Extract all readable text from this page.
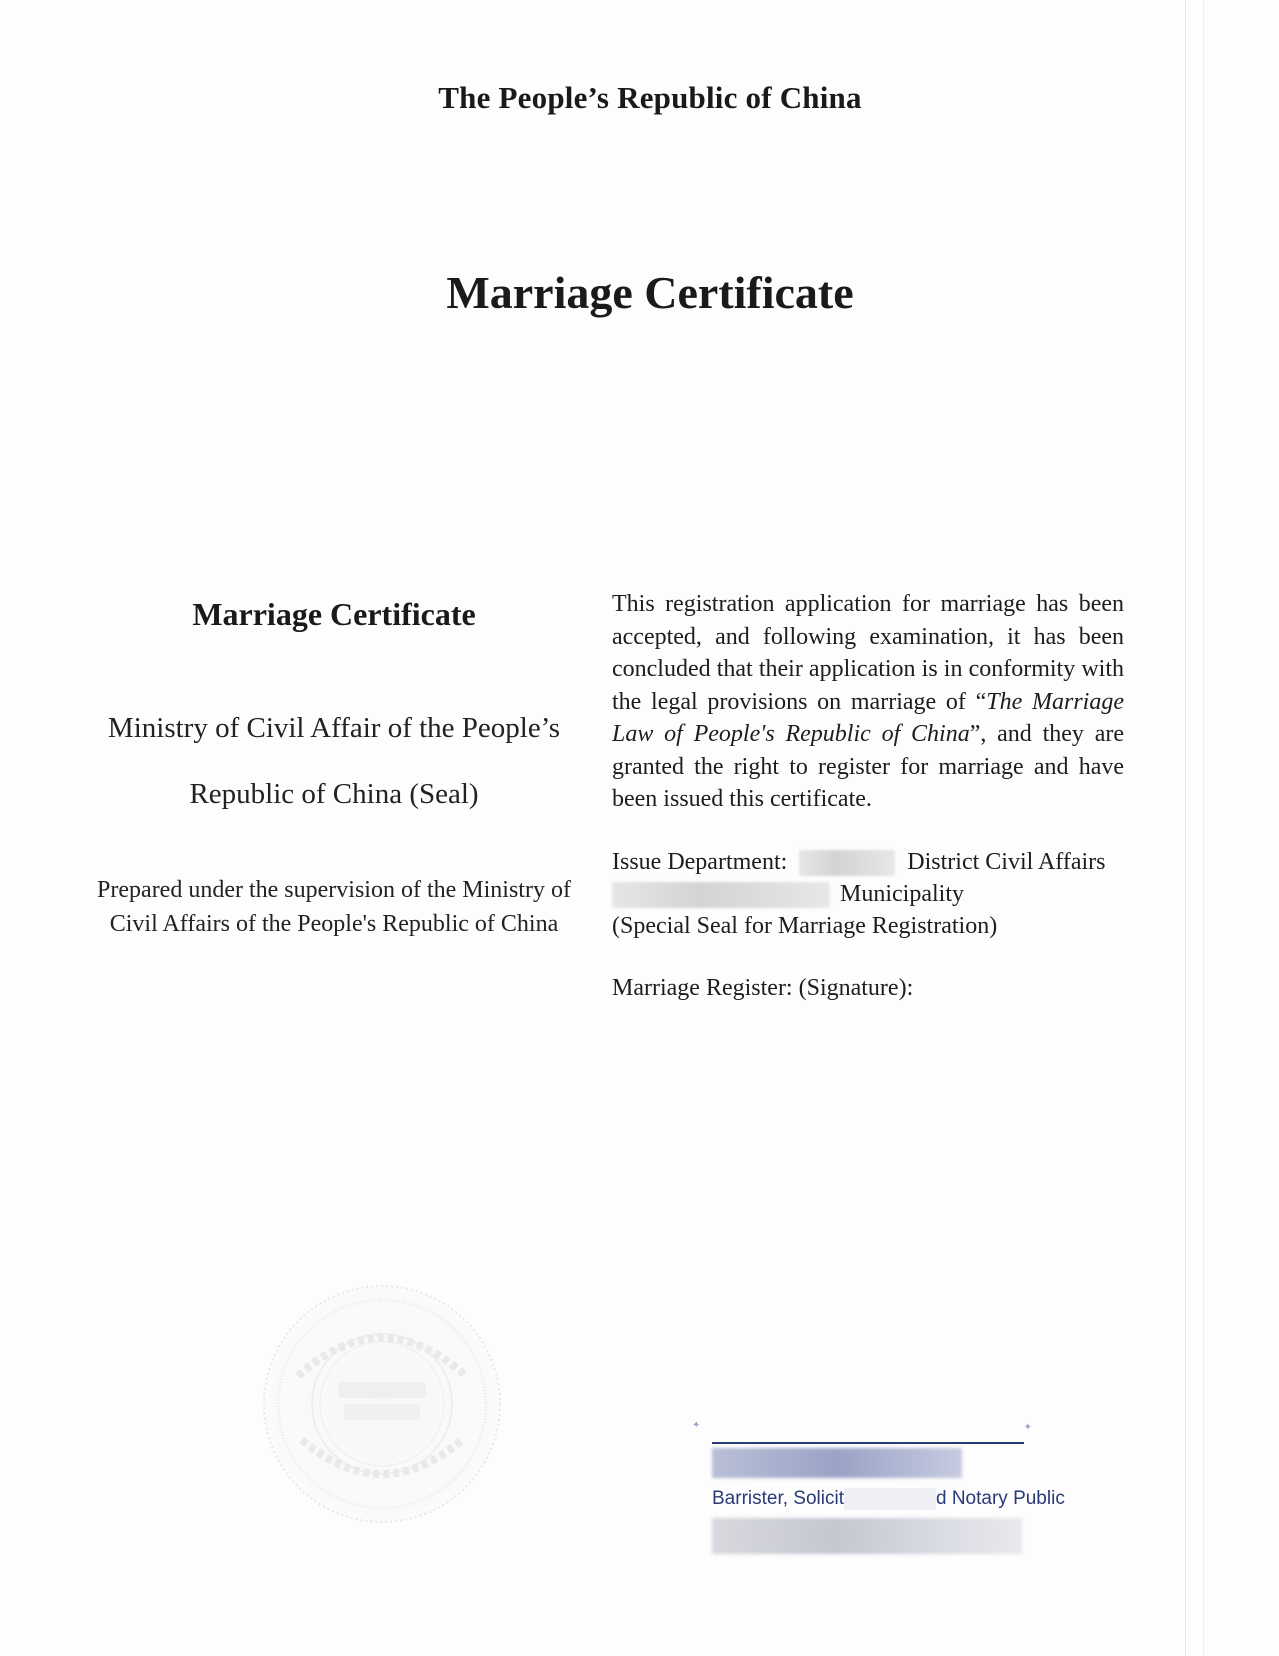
The People’s Republic of China
Marriage Certificate
Marriage Certificate
Ministry of Civil Affair of the People’s
Republic of China (Seal)
Prepared under the supervision of the Ministry of Civil Affairs of the People's Republic of China

This registration application for marriage has been accepted, and following examination, it has been concluded that their application is in conformity with the legal provisions on marriage of “The Marriage Law of People's Republic of China”, and they are granted the right to register for marriage and have been issued this certificate.

Issue Department:	District Civil Affairs
Municipality
(Special Seal for Marriage Registration)
Marriage Register: (Signature):
✦	✦
Barrister, Solicit	d Notary Public
